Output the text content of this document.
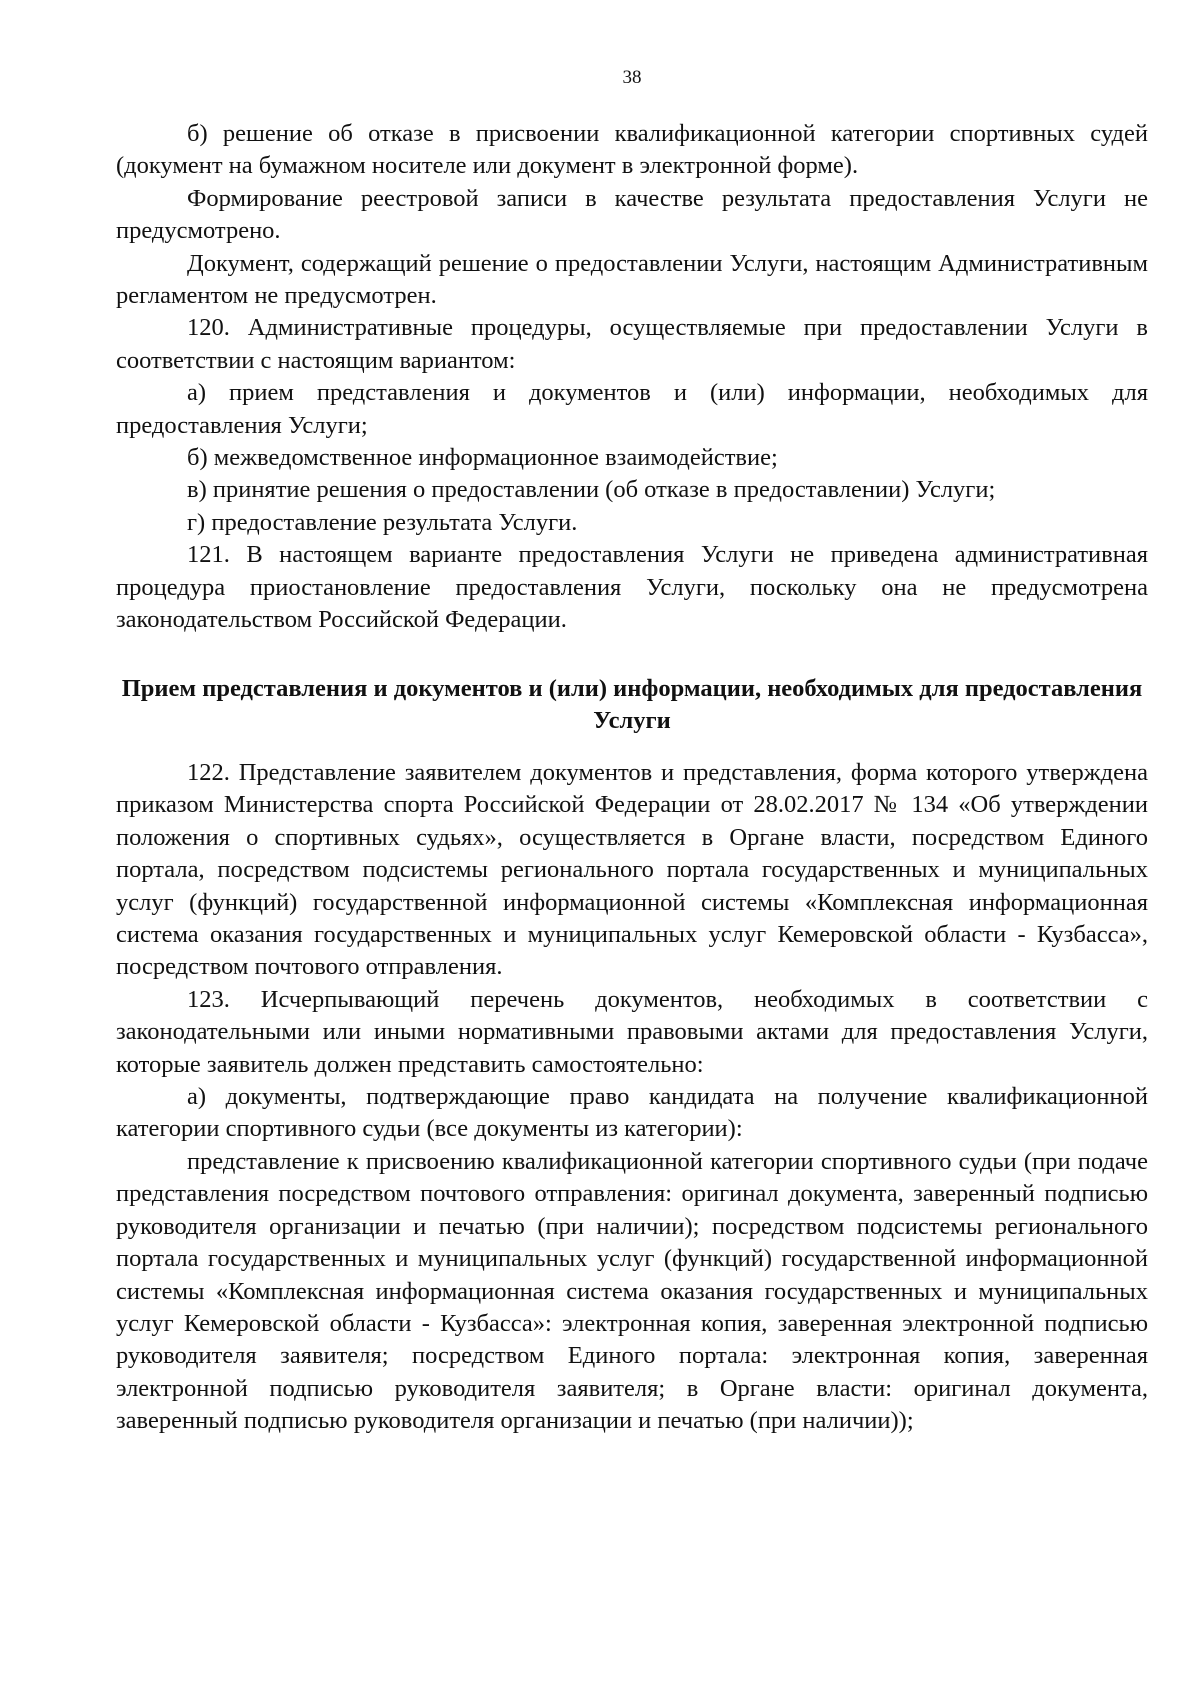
38

б) решение об отказе в присвоении квалификационной категории спортивных судей (документ на бумажном носителе или документ в электронной форме).

Формирование реестровой записи в качестве результата предоставления Услуги не предусмотрено.

Документ, содержащий решение о предоставлении Услуги, настоящим Административным регламентом не предусмотрен.

120. Административные процедуры, осуществляемые при предоставлении Услуги в соответствии с настоящим вариантом:

а) прием представления и документов и (или) информации, необходимых для предоставления Услуги;

б) межведомственное информационное взаимодействие;

в) принятие решения о предоставлении (об отказе в предоставлении) Услуги;

г) предоставление результата Услуги.

121. В настоящем варианте предоставления Услуги не приведена административная процедура приостановление предоставления Услуги, поскольку она не предусмотрена законодательством Российской Федерации.

Прием представления и документов и (или) информации, необходимых для предоставления Услуги

122. Представление заявителем документов и представления, форма которого утверждена приказом Министерства спорта Российской Федерации от 28.02.2017 № 134 «Об утверждении положения о спортивных судьях», осуществляется в Органе власти, посредством Единого портала, посредством подсистемы регионального портала государственных и муниципальных услуг (функций) государственной информационной системы «Комплексная информационная система оказания государственных и муниципальных услуг Кемеровской области - Кузбасса», посредством почтового отправления.

123. Исчерпывающий перечень документов, необходимых в соответствии с законодательными или иными нормативными правовыми актами для предоставления Услуги, которые заявитель должен представить самостоятельно:

а) документы, подтверждающие право кандидата на получение квалификационной категории спортивного судьи (все документы из категории):

представление к присвоению квалификационной категории спортивного судьи (при подаче представления посредством почтового отправления: оригинал документа, заверенный подписью руководителя организации и печатью (при наличии); посредством подсистемы регионального портала государственных и муниципальных услуг (функций) государственной информационной системы «Комплексная информационная система оказания государственных и муниципальных услуг Кемеровской области - Кузбасса»: электронная копия, заверенная электронной подписью руководителя заявителя; посредством Единого портала: электронная копия, заверенная электронной подписью руководителя заявителя; в Органе власти: оригинал документа, заверенный подписью руководителя организации и печатью (при наличии));
